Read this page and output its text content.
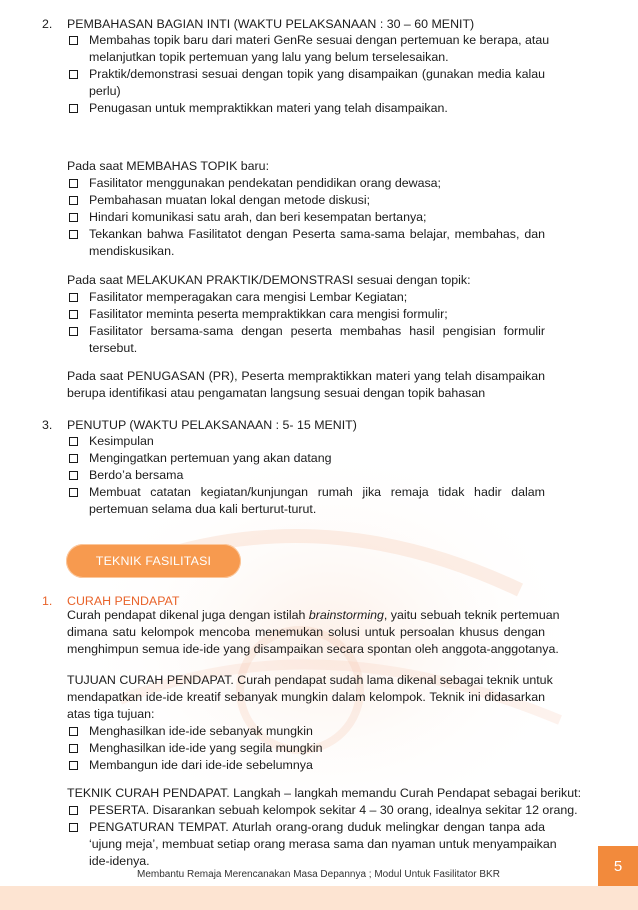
2. PEMBAHASAN BAGIAN INTI (WAKTU PELAKSANAAN : 30 – 60 MENIT)
Membahas topik baru dari materi GenRe sesuai dengan pertemuan ke berapa, atau
melanjutkan topik pertemuan yang lalu yang belum terselesaikan.
Praktik/demonstrasi sesuai dengan topik yang disampaikan (gunakan media kalau
perlu)
Penugasan untuk mempraktikkan materi yang telah disampaikan.
Pada saat MEMBAHAS TOPIK baru:
Fasilitator menggunakan pendekatan pendidikan orang dewasa;
Pembahasan muatan lokal dengan metode diskusi;
Hindari komunikasi satu arah, dan beri kesempatan bertanya;
Tekankan bahwa Fasilitatot dengan Peserta sama-sama belajar, membahas, dan
mendiskusikan.
Pada saat MELAKUKAN PRAKTIK/DEMONSTRASI sesuai dengan topik:
Fasilitator memperagakan cara mengisi Lembar Kegiatan;
Fasilitator meminta peserta mempraktikkan cara mengisi formulir;
Fasilitator bersama-sama dengan peserta membahas hasil pengisian formulir
tersebut.
Pada saat PENUGASAN (PR), Peserta mempraktikkan materi yang telah disampaikan
berupa identifikasi atau pengamatan langsung sesuai dengan topik bahasan
3. PENUTUP (WAKTU PELAKSANAAN : 5- 15 MENIT)
Kesimpulan
Mengingatkan pertemuan yang akan datang
Berdo’a bersama
Membuat catatan kegiatan/kunjungan rumah jika remaja tidak hadir dalam
pertemuan selama dua kali berturut-turut.
TEKNIK FASILITASI
1. CURAH PENDAPAT
Curah pendapat dikenal juga dengan istilah brainstorming, yaitu sebuah teknik pertemuan
dimana satu kelompok mencoba menemukan solusi untuk persoalan khusus dengan
menghimpun semua ide-ide yang disampaikan secara spontan oleh anggota-anggotanya.
TUJUAN CURAH PENDAPAT. Curah pendapat sudah lama dikenal sebagai teknik untuk
mendapatkan ide-ide kreatif sebanyak mungkin dalam kelompok. Teknik ini didasarkan
atas tiga tujuan:
Menghasilkan ide-ide sebanyak mungkin
Menghasilkan ide-ide yang segila mungkin
Membangun ide dari ide-ide sebelumnya
TEKNIK CURAH PENDAPAT. Langkah – langkah memandu Curah Pendapat sebagai berikut:
PESERTA. Disarankan sebuah kelompok sekitar 4 – 30 orang, idealnya sekitar 12 orang.
PENGATURAN TEMPAT. Aturlah orang-orang duduk melingkar dengan tanpa ada
‘ujung meja’, membuat setiap orang merasa sama dan nyaman untuk menyampaikan
ide-idenya.
Membantu Remaja Merencanakan Masa Depannya ; Modul Untuk Fasilitator BKR	5
